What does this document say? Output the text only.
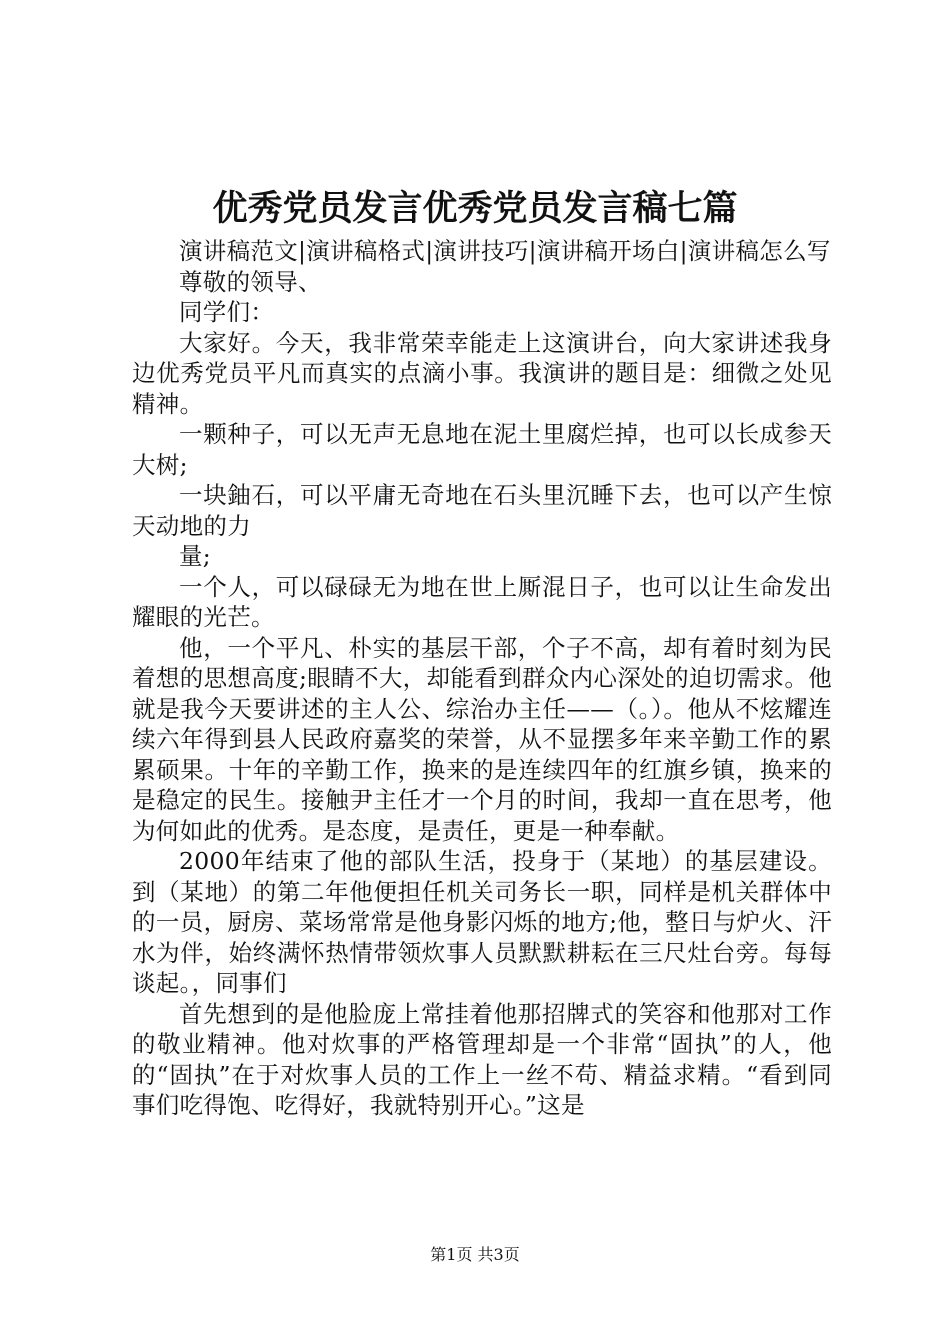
优秀党员发言优秀党员发言稿七篇

演讲稿范文|演讲稿格式|演讲技巧|演讲稿开场白|演讲稿怎么写

尊敬的领导、

同学们：

大家好。今天，我非常荣幸能走上这演讲台，向大家讲述我身边优秀党员平凡而真实的点滴小事。我演讲的题目是：细微之处见精神。

一颗种子，可以无声无息地在泥土里腐烂掉，也可以长成参天大树;

一块鈾石，可以平庸无奇地在石头里沉睡下去，也可以产生惊天动地的力

量;

一个人，可以碌碌无为地在世上厮混日子，也可以让生命发出耀眼的光芒。

他，一个平凡、朴实的基层干部，个子不高，却有着时刻为民着想的思想高度;眼睛不大，却能看到群众内心深处的迫切需求。他就是我今天要讲述的主人公、综治办主任——（。）。他从不炫耀连续六年得到县人民政府嘉奖的荣誉，从不显摆多年来辛勤工作的累累硕果。十年的辛勤工作，换来的是连续四年的红旗乡镇，换来的是稳定的民生。接触尹主任才一个月的时间，我却一直在思考，他为何如此的优秀。是态度，是责任，更是一种奉献。

2000年结束了他的部队生活，投身于（某地）的基层建设。到（某地）的第二年他便担任机关司务长一职，同样是机关群体中的一员，厨房、菜场常常是他身影闪烁的地方;他，整日与炉火、汗水为伴，始终满怀热情带领炊事人员默默耕耘在三尺灶台旁。每每谈起。，同事们

首先想到的是他脸庞上常挂着他那招牌式的笑容和他那对工作的敬业精神。他对炊事的严格管理却是一个非常“固执”的人，他的“固执”在于对炊事人员的工作上一丝不苟、精益求精。“看到同事们吃得饱、吃得好，我就特别开心。”这是

第1页 共3页
